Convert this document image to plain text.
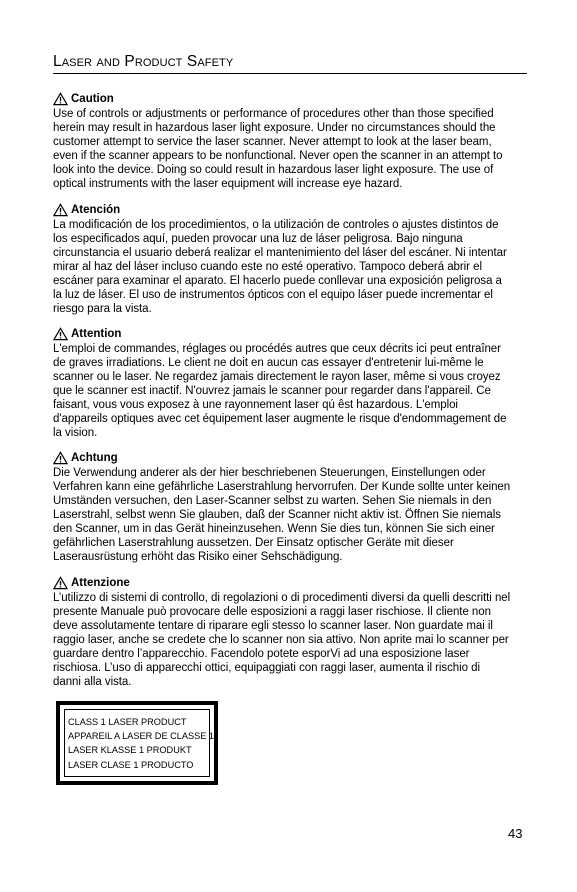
Laser and Product Safety
Caution
Use of controls or adjustments or performance of procedures other than those specified
herein may result in hazardous laser light exposure. Under no circumstances should the
customer attempt to service the laser scanner. Never attempt to look at the laser beam,
even if the scanner appears to be nonfunctional. Never open the scanner in an attempt to
look into the device. Doing so could result in hazardous laser light exposure. The use of
optical instruments with the laser equipment will increase eye hazard.
Atención
La modificación de los procedimientos, o la utilización de controles o ajustes distintos de
los especificados aquí, pueden provocar una luz de láser peligrosa. Bajo ninguna
circunstancia el usuario deberá realizar el mantenimiento del láser del escáner. Ni intentar
mirar al haz del láser incluso cuando este no esté operativo. Tampoco deberá abrir el
escáner para examinar el aparato. El hacerlo puede conllevar una exposición peligrosa a
la luz de láser. El uso de instrumentos ópticos con el equipo láser puede incrementar el
riesgo para la vista.
Attention
L'emploi de commandes, réglages ou procédés autres que ceux décrits ici peut entraîner
de graves irradiations. Le client ne doit en aucun cas essayer d'entretenir lui-même le
scanner ou le laser. Ne regardez jamais directement le rayon laser, même si vous croyez
que le scanner est inactif. N'ouvrez jamais le scanner pour regarder dans l'appareil. Ce
faisant, vous vous exposez à une rayonnement laser qú êst hazardous. L'emploi
d'appareils optiques avec cet équipement laser augmente le risque d'endommagement de
la vision.
Achtung
Die Verwendung anderer als der hier beschriebenen Steuerungen, Einstellungen oder
Verfahren kann eine gefährliche Laserstrahlung hervorrufen. Der Kunde sollte unter keinen
Umständen versuchen, den Laser-Scanner selbst zu warten. Sehen Sie niemals in den
Laserstrahl, selbst wenn Sie glauben, daß der Scanner nicht aktiv ist. Öffnen Sie niemals
den Scanner, um in das Gerät hineinzusehen. Wenn Sie dies tun, können Sie sich einer
gefährlichen Laserstrahlung aussetzen. Der Einsatz optischer Geräte mit dieser
Laserausrüstung erhöht das Risiko einer Sehschädigung.
Attenzione
L’utilizzo di sistemi di controllo, di regolazioni o di procedimenti diversi da quelli descritti nel
presente Manuale può provocare delle esposizioni a raggi laser rischiose. Il cliente non
deve assolutamente tentare di riparare egli stesso lo scanner laser. Non guardate mai il
raggio laser, anche se credete che lo scanner non sia attivo. Non aprite mai lo scanner per
guardare dentro l’apparecchio. Facendolo potete esporVi ad una esposizione laser
rischiosa. L’uso di apparecchi ottici, equipaggiati con raggi laser, aumenta il rischio di
danni alla vista.
CLASS 1 LASER PRODUCT
APPAREIL A LASER DE CLASSE 1
LASER KLASSE 1 PRODUKT
LASER CLASE 1 PRODUCTO
43
